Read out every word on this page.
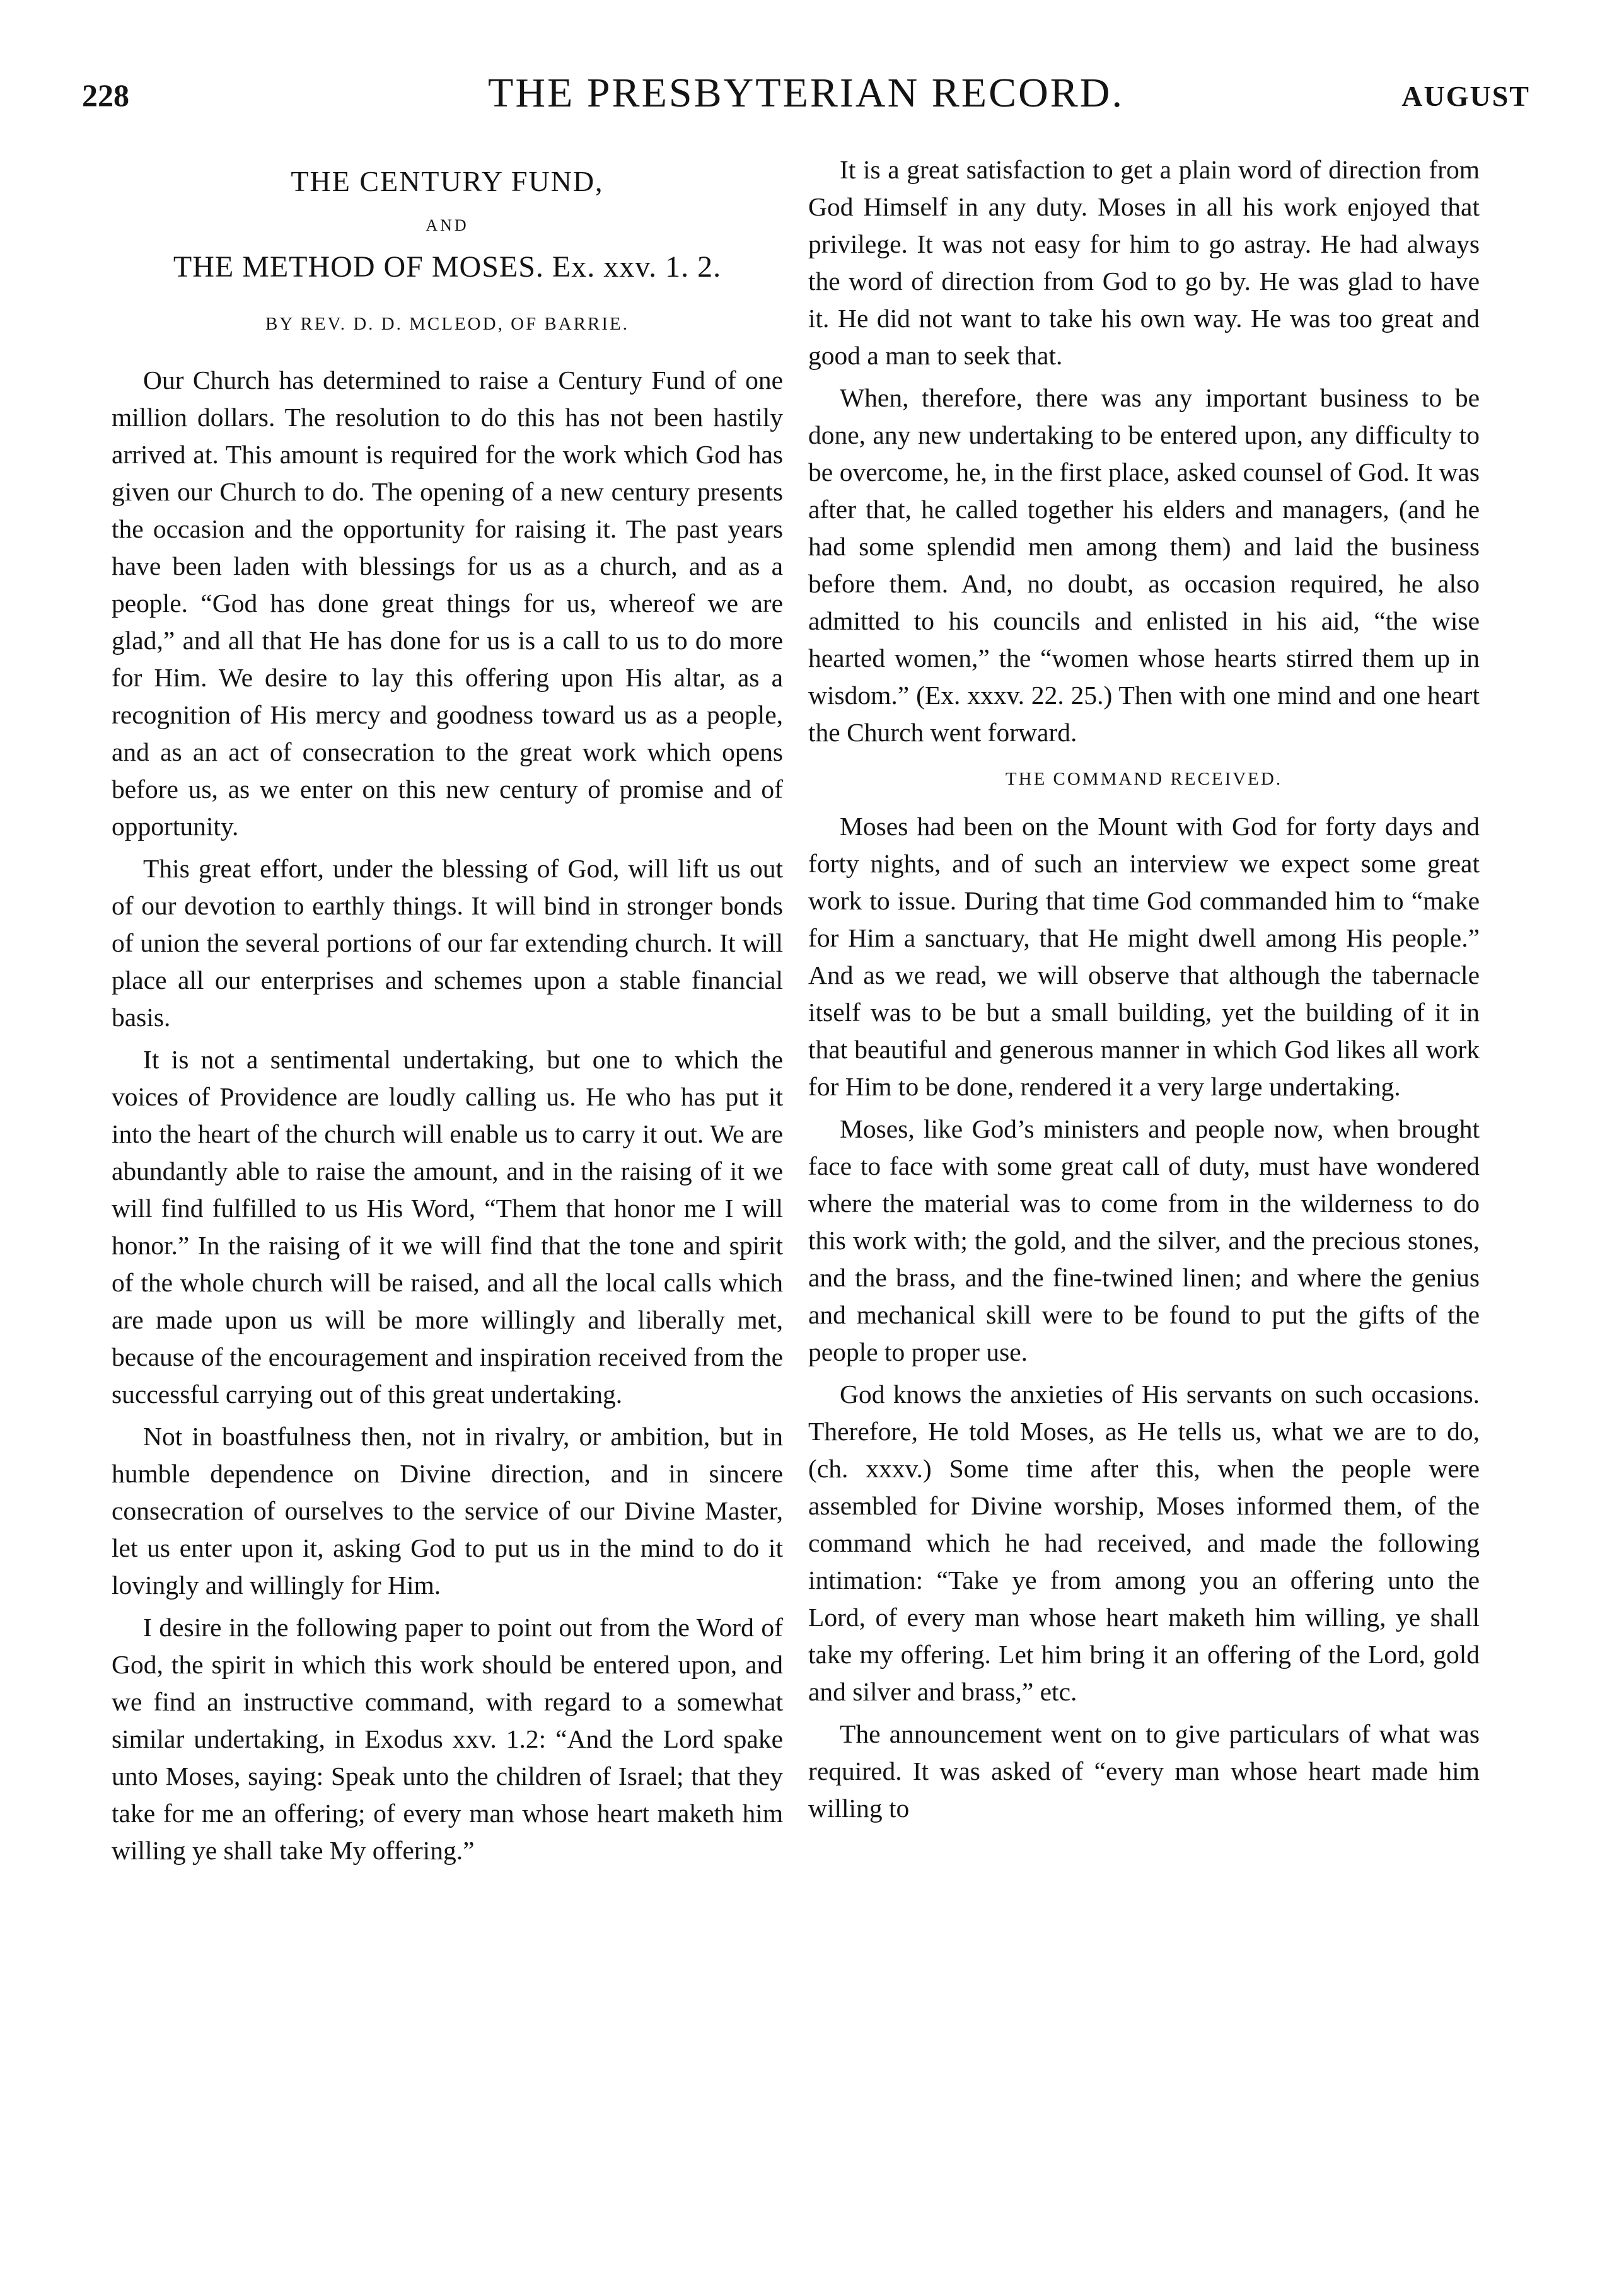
228	THE PRESBYTERIAN RECORD.	AUGUST
THE CENTURY FUND,
AND
THE METHOD OF MOSES. Ex. xxv. 1. 2.
BY REV. D. D. MCLEOD, OF BARRIE.

Our Church has determined to raise a Century Fund of one million dollars. The resolution to do this has not been hastily arrived at. This amount is required for the work which God has given our Church to do. The opening of a new century presents the occasion and the opportunity for raising it. The past years have been laden with blessings for us as a church, and as a people. “God has done great things for us, whereof we are glad,” and all that He has done for us is a call to us to do more for Him. We desire to lay this offering upon His altar, as a recognition of His mercy and goodness toward us as a people, and as an act of consecration to the great work which opens before us, as we enter on this new century of promise and of opportunity.

This great effort, under the blessing of God, will lift us out of our devotion to earthly things. It will bind in stronger bonds of union the several portions of our far extending church. It will place all our enterprises and schemes upon a stable financial basis.

It is not a sentimental undertaking, but one to which the voices of Providence are loudly calling us. He who has put it into the heart of the church will enable us to carry it out. We are abundantly able to raise the amount, and in the raising of it we will find fulfilled to us His Word, “Them that honor me I will honor.” In the raising of it we will find that the tone and spirit of the whole church will be raised, and all the local calls which are made upon us will be more willingly and liberally met, because of the encouragement and inspiration received from the successful carrying out of this great undertaking.

Not in boastfulness then, not in rivalry, or ambition, but in humble dependence on Divine direction, and in sincere consecration of ourselves to the service of our Divine Master, let us enter upon it, asking God to put us in the mind to do it lovingly and willingly for Him.

I desire in the following paper to point out from the Word of God, the spirit in which this work should be entered upon, and we find an instructive command, with regard to a somewhat similar undertaking, in Exodus xxv. 1.2: “And the Lord spake unto Moses, saying: Speak unto the children of Israel; that they take for me an offering; of every man whose heart maketh him willing ye shall take My offering.”

It is a great satisfaction to get a plain word of direction from God Himself in any duty. Moses in all his work enjoyed that privilege. It was not easy for him to go astray. He had always the word of direction from God to go by. He was glad to have it. He did not want to take his own way. He was too great and good a man to seek that.

When, therefore, there was any important business to be done, any new undertaking to be entered upon, any difficulty to be overcome, he, in the first place, asked counsel of God. It was after that, he called together his elders and managers, (and he had some splendid men among them) and laid the business before them. And, no doubt, as occasion required, he also admitted to his councils and enlisted in his aid, “the wise hearted women,” the “women whose hearts stirred them up in wisdom.” (Ex. xxxv. 22. 25.) Then with one mind and one heart the Church went forward.

THE COMMAND RECEIVED.

Moses had been on the Mount with God for forty days and forty nights, and of such an interview we expect some great work to issue. During that time God commanded him to “make for Him a sanctuary, that He might dwell among His people.” And as we read, we will observe that although the tabernacle itself was to be but a small building, yet the building of it in that beautiful and generous manner in which God likes all work for Him to be done, rendered it a very large undertaking.

Moses, like God’s ministers and people now, when brought face to face with some great call of duty, must have wondered where the material was to come from in the wilderness to do this work with; the gold, and the silver, and the precious stones, and the brass, and the fine-twined linen; and where the genius and mechanical skill were to be found to put the gifts of the people to proper use.

God knows the anxieties of His servants on such occasions. Therefore, He told Moses, as He tells us, what we are to do, (ch. xxxv.) Some time after this, when the people were assembled for Divine worship, Moses informed them, of the command which he had received, and made the following intimation: “Take ye from among you an offering unto the Lord, of every man whose heart maketh him willing, ye shall take my offering. Let him bring it an offering of the Lord, gold and silver and brass,” etc.

The announcement went on to give particulars of what was required. It was asked of “every man whose heart made him willing to
